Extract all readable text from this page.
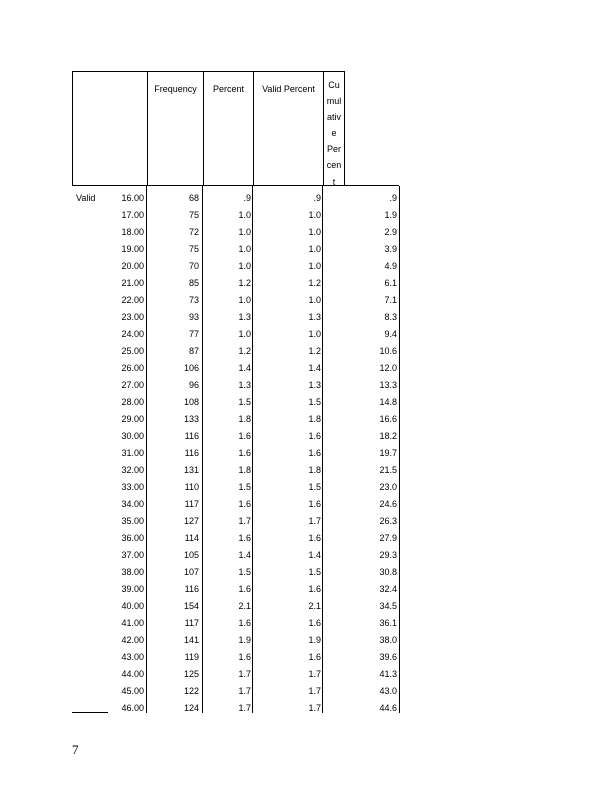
Frequency	Percent	Valid Percent	Cu
mul
ativ
e
Per
cen
t
Valid	16.00	68	.9	.9	.9
17.00	75	1.0	1.0	1.9
18.00	72	1.0	1.0	2.9
19.00	75	1.0	1.0	3.9
20.00	70	1.0	1.0	4.9
21.00	85	1.2	1.2	6.1
22.00	73	1.0	1.0	7.1
23.00	93	1.3	1.3	8.3
24.00	77	1.0	1.0	9.4
25.00	87	1.2	1.2	10.6
26.00	106	1.4	1.4	12.0
27.00	96	1.3	1.3	13.3
28.00	108	1.5	1.5	14.8
29.00	133	1.8	1.8	16.6
30.00	116	1.6	1.6	18.2
31.00	116	1.6	1.6	19.7
32.00	131	1.8	1.8	21.5
33.00	110	1.5	1.5	23.0
34.00	117	1.6	1.6	24.6
35.00	127	1.7	1.7	26.3
36.00	114	1.6	1.6	27.9
37.00	105	1.4	1.4	29.3
38.00	107	1.5	1.5	30.8
39.00	116	1.6	1.6	32.4
40.00	154	2.1	2.1	34.5
41.00	117	1.6	1.6	36.1
42.00	141	1.9	1.9	38.0
43.00	119	1.6	1.6	39.6
44.00	125	1.7	1.7	41.3
45.00	122	1.7	1.7	43.0
46.00	124	1.7	1.7	44.6
7
